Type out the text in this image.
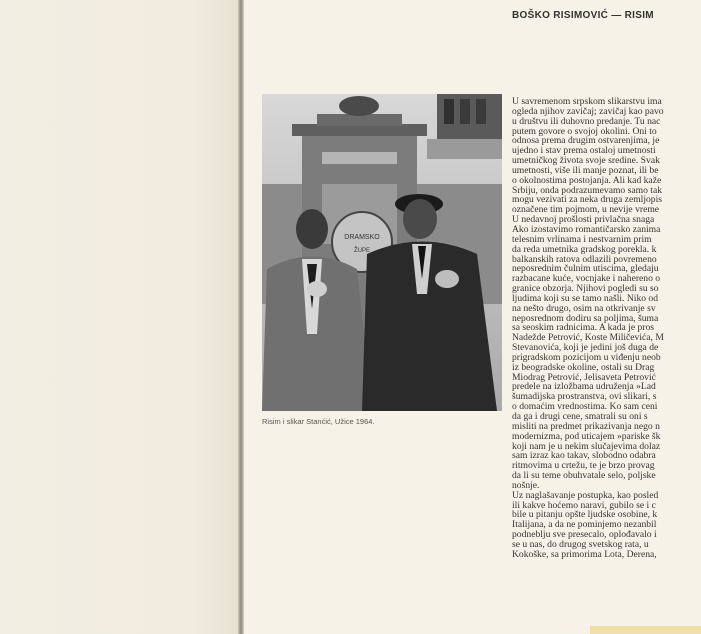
BOŠKO RISIMOVIĆ — RISIM
DRAMSKO
ŽUPE
Risim i slikar Stanćić, Užice 1964.
U savremenom srpskom slikarstvu ima
ogleda njihov zavičaj; zavičaj kao pavo
u društvu ili duhovno predanje. Tu nac
putem govore o svojoj okolini. Oni to
odnosa prema drugim ostvarenjima, je
ujedno i stav prema ostaloj umetnosti
umetničkog života svoje sredine. Svak
umetnosti, više ili manje poznat, ili be
o okolnostima postojanja. Ali kad kaže
Srbiju, onda podrazumevamo samo tak
mogu vezivati za neka druga zemljopis
označene tim pojmom, u nevije vreme
U nedavnoj prošlosti privlačna snaga
Ako izostavimo romantičarsko zanima
telesnim vrlinama i nestvarnim prim
da reda umetnika gradskog porekla. k
balkanskih ratova odlazili povremeno
neposrednim čulnim utiscima, gledaju
razbacane kuće, vocnjake i nahereno o
granice obzorja. Njihovi pogledi su so
ljudima koji su se tamo našli. Niko od
na nešto drugo, osim na otkrivanje sv
neposrednom dodiru sa poljima, šuma
sa seoskim radnicima. A kada je pros
Nadežde Petrović, Koste Miličevića, M
Stevanovića, koji je jedini još duga de
prigradskom pozicijom u viđenju neob
iz beogradske okoline, ostali su Drag
Miodrag Petrović, Jelisaveta Petrović
predele na izložbama udruženja »Lad
šumadijska prostranstva, ovi slikari, s
o domaćim vrednostima. Ko sam ceni
da ga i drugi cene, smatrali su oni s
misliti na predmet prikazivanja nego n
modernizma, pod uticajem »pariske šk
koji nam je u nekim slučajevima dolaz
sam izraz kao takav, slobodno odabra
ritmovima u crtežu, te je brzo provag
da li su teme obuhvatale selo, poljske
nošnje.
Uz naglašavanje postupka, kao posled
ili kakve hoćemo naravi, gubilo se i c
bile u pitanju opšte ljudske osobine, k
Italijana, a da ne pominjemo nezanbil
podneblju sve presecalo, oplođavalo i
se u nas, do drugog svetskog rata, u
Kokoške, sa primorima Lota, Derena,
